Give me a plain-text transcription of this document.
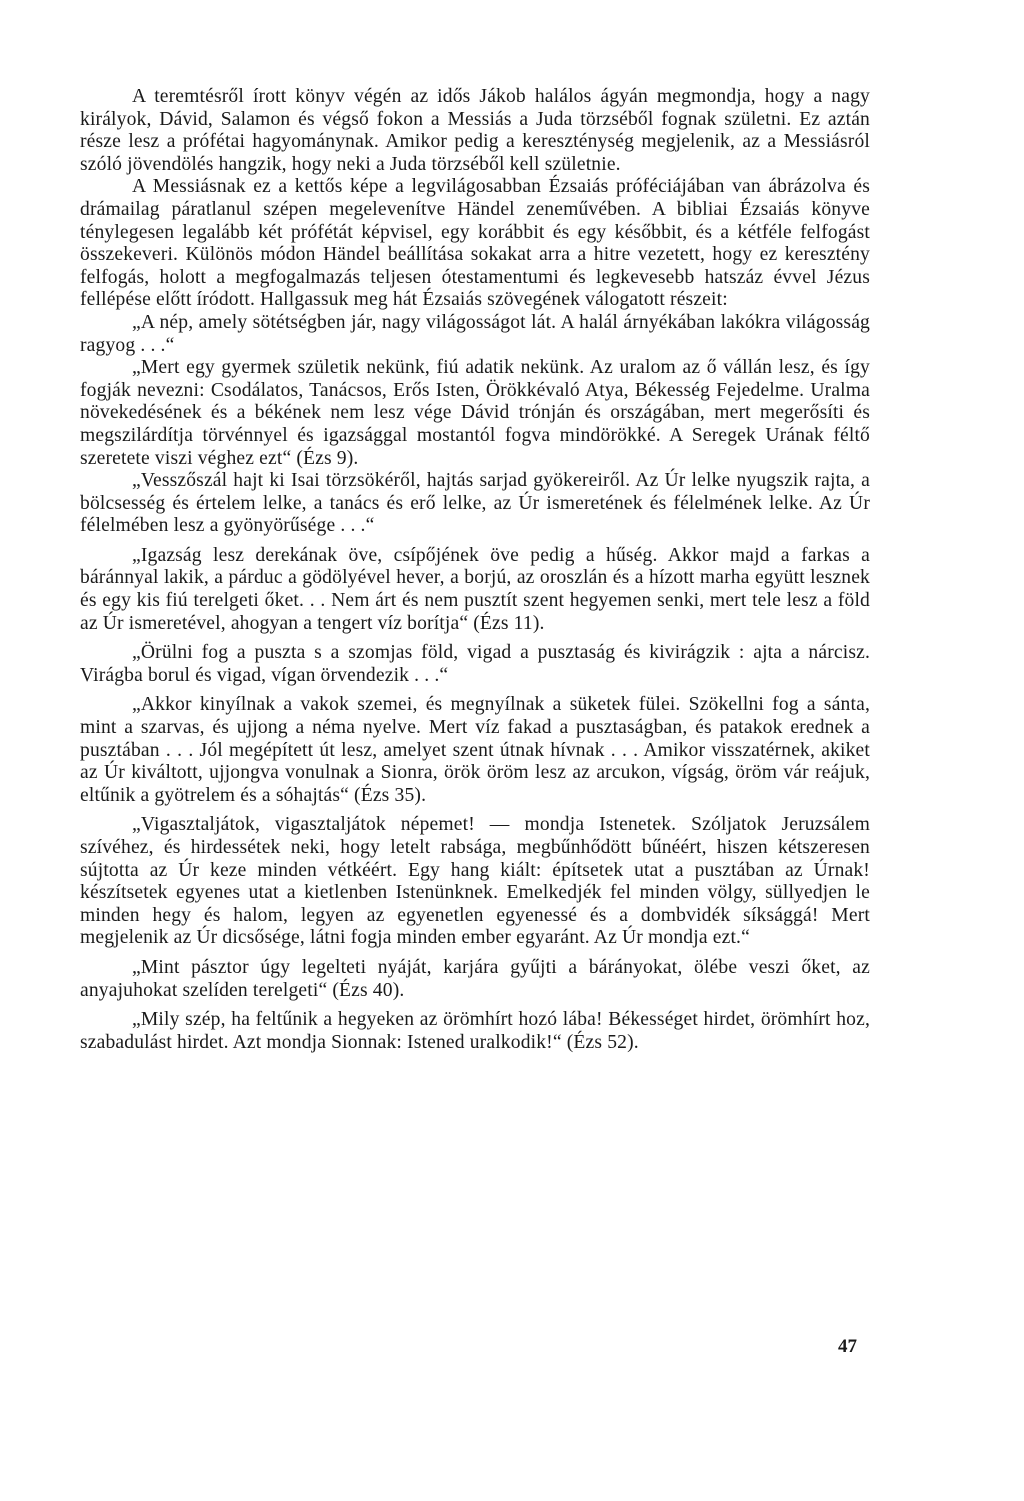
A teremtésről írott könyv végén az idős Jákob halálos ágyán megmondja, hogy a nagy királyok, Dávid, Salamon és végső fokon a Messiás a Juda törzséből fognak születni. Ez aztán része lesz a prófétai hagyománynak. Amikor pedig a kereszténység megjelenik, az a Messiásról szóló jövendölés hangzik, hogy neki a Juda törzséből kell születnie.

A Messiásnak ez a kettős képe a legvilágosabban Ézsaiás próféciájában van ábrázolva és drámailag páratlanul szépen megelevenítve Händel zeneművében. A bibliai Ézsaiás könyve ténylegesen legalább két prófétát képvisel, egy korábbit és egy későbbit, és a kétféle felfogást összekeveri. Különös módon Händel beállítása sokakat arra a hitre vezetett, hogy ez keresztény felfogás, holott a megfogalmazás teljesen ótestamentumi és legkevesebb hatszáz évvel Jézus fellépése előtt íródott. Hallgassuk meg hát Ézsaiás szövegének válogatott részeit:

„A nép, amely sötétségben jár, nagy világosságot lát. A halál árnyékában lakókra világosság ragyog . . .“

„Mert egy gyermek születik nekünk, fiú adatik nekünk. Az uralom az ő vállán lesz, és így fogják nevezni: Csodálatos, Tanácsos, Erős Isten, Örökkévaló Atya, Békesség Fejedelme. Uralma növekedésének és a békének nem lesz vége Dávid trónján és országában, mert megerősíti és megszilárdítja törvénnyel és igazsággal mostantól fogva mindörökké. A Seregek Urának féltő szeretete viszi véghez ezt“ (Ézs 9).

„Vesszőszál hajt ki Isai törzsökéről, hajtás sarjad gyökereiről. Az Úr lelke nyugszik rajta, a bölcsesség és értelem lelke, a tanács és erő lelke, az Úr ismeretének és félelmének lelke. Az Úr félelmében lesz a gyönyörűsége . . .“

„Igazság lesz derekának öve, csípőjének öve pedig a hűség. Akkor majd a farkas a báránnyal lakik, a párduc a gödölyével hever, a borjú, az oroszlán és a hízott marha együtt lesznek és egy kis fiú terelgeti őket. . . Nem árt és nem pusztít szent hegyemen senki, mert tele lesz a föld az Úr ismeretével, ahogyan a tengert víz borítja“ (Ézs 11).

„Örülni fog a puszta s a szomjas föld, vigad a pusztaság és kivirágzik : ajta a nárcisz. Virágba borul és vigad, vígan örvendezik . . .“

„Akkor kinyílnak a vakok szemei, és megnyílnak a süketek fülei. Szökellni fog a sánta, mint a szarvas, és ujjong a néma nyelve. Mert víz fakad a pusztaságban, és patakok erednek a pusztában . . . Jól megépített út lesz, amelyet szent útnak hívnak . . . Amikor visszatérnek, akiket az Úr kiváltott, ujjongva vonulnak a Sionra, örök öröm lesz az arcukon, vígság, öröm vár reájuk, eltűnik a gyötrelem és a sóhajtás“ (Ézs 35).

„Vigasztaljátok, vigasztaljátok népemet! — mondja Istenetek. Szóljatok Jeruzsálem szívéhez, és hirdessétek neki, hogy letelt rabsága, megbűnhődött bűnéért, hiszen kétszeresen sújtotta az Úr keze minden vétkéért. Egy hang kiált: építsetek utat a pusztában az Úrnak! készítsetek egyenes utat a kietlenben Istenünknek. Emelkedjék fel minden völgy, süllyedjen le minden hegy és halom, legyen az egyenetlen egyenessé és a dombvidék síksággá! Mert megjelenik az Úr dicsősége, látni fogja minden ember egyaránt. Az Úr mondja ezt.“

„Mint pásztor úgy legelteti nyáját, karjára gyűjti a bárányokat, ölébe veszi őket, az anyajuhokat szelíden terelgeti“ (Ézs 40).

„Mily szép, ha feltűnik a hegyeken az örömhírt hozó lába! Békességet hirdet, örömhírt hoz, szabadulást hirdet. Azt mondja Sionnak: Istened uralkodik!“ (Ézs 52).

47
